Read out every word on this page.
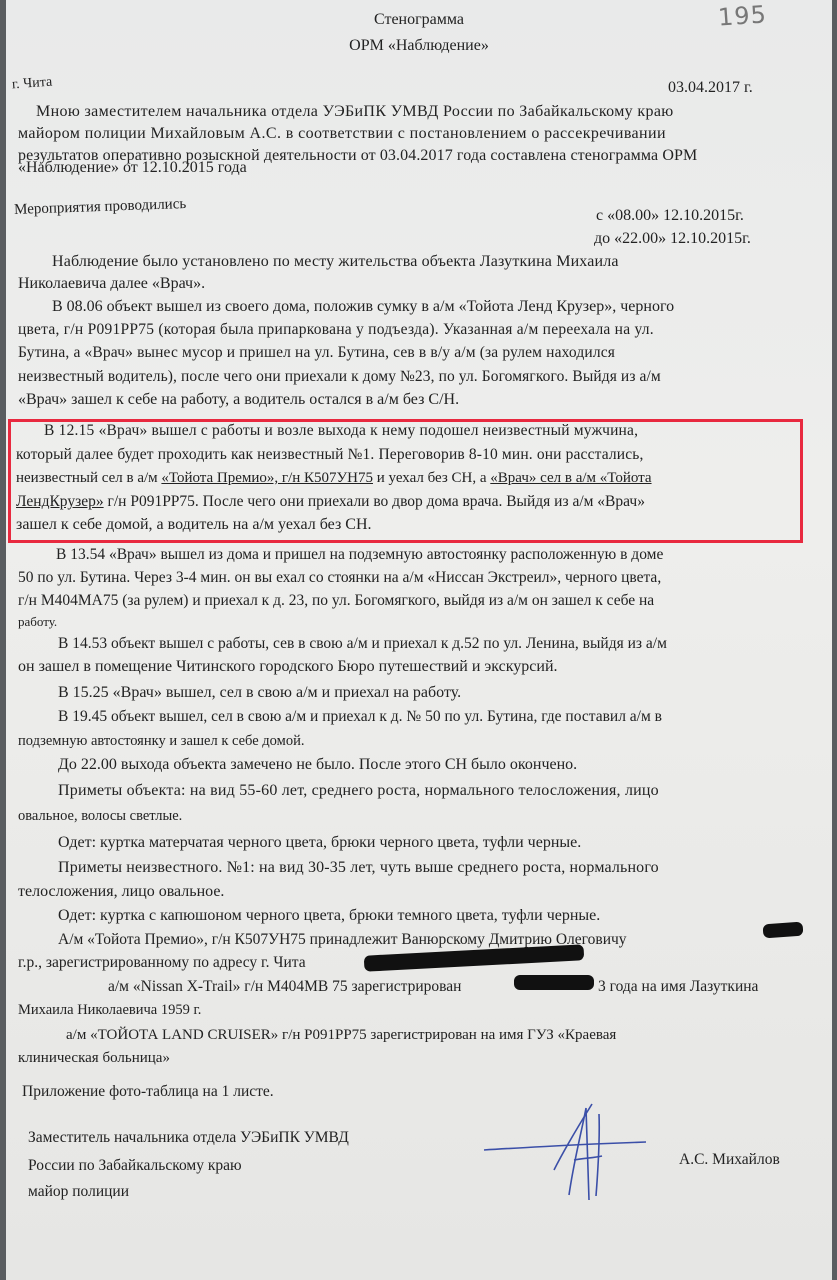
195
Стенограмма
ОРМ «Наблюдение»
г. Чита	03.04.2017 г.
Мною заместителем начальника отдела УЭБиПК УМВД России по Забайкальскому краю
майором полиции Михайловым А.С. в соответствии с постановлением о рассекречивании
результатов оперативно розыскной деятельности от 03.04.2017 года составлена стенограмма ОРМ
«Наблюдение» от 12.10.2015 года
Мероприятия проводились	с «08.00» 12.10.2015г.
до «22.00» 12.10.2015г.
Наблюдение было установлено по месту жительства объекта Лазуткина Михаила
Николаевича далее «Врач».
В 08.06 объект вышел из своего дома, положив сумку в а/м «Тойота Ленд Крузер», черного
цвета, г/н Р091РР75 (которая была припаркована у подъезда). Указанная а/м переехала на ул.
Бутина, а «Врач» вынес мусор и пришел на ул. Бутина, сев в в/у а/м (за рулем находился
неизвестный водитель), после чего они приехали к дому №23, по ул. Богомягкого. Выйдя из а/м
«Врач» зашел к себе на работу, а водитель остался в а/м без С/Н.
В 12.15 «Врач» вышел с работы и возле выхода к нему подошел неизвестный мужчина,
который далее будет проходить как неизвестный №1. Переговорив 8-10 мин. они расстались,
неизвестный сел в а/м «Тойота Премио», г/н К507УН75 и уехал без СН, а «Врач» сел в а/м «Тойота
ЛендКрузер» г/н Р091РР75. После чего они приехали во двор дома врача. Выйдя из а/м «Врач»
зашел к себе домой, а водитель на а/м уехал без СН.
В 13.54 «Врач» вышел из дома и пришел на подземную автостоянку расположенную в доме
50 по ул. Бутина. Через 3-4 мин. он вы ехал со стоянки на а/м «Ниссан Экстреил», черного цвета,
г/н М404МА75 (за рулем) и приехал к д. 23, по ул. Богомягкого, выйдя из а/м он зашел к себе на
работу.
В 14.53 объект вышел с работы, сев в свою а/м и приехал к д.52 по ул. Ленина, выйдя из а/м
он зашел в помещение Читинского городского Бюро путешествий и экскурсий.
В 15.25 «Врач» вышел, сел в свою а/м и приехал на работу.
В 19.45 объект вышел, сел в свою а/м и приехал к д. № 50 по ул. Бутина, где поставил а/м в
подземную автостоянку и зашел к себе домой.
До 22.00 выхода объекта замечено не было. После этого СН было окончено.
Приметы объекта: на вид 55-60 лет, среднего роста, нормального телосложения, лицо
овальное, волосы светлые.
Одет: куртка матерчатая черного цвета, брюки черного цвета, туфли черные.
Приметы неизвестного. №1: на вид 30-35 лет, чуть выше среднего роста, нормального
телосложения, лицо овальное.
Одет: куртка с капюшоном черного цвета, брюки темного цвета, туфли черные.
А/м «Тойота Премио», г/н К507УН75 принадлежит Ванюрскому Дмитрию Олеговичу
г.р., зарегистрированному по адресу г. Чита
а/м «Nissan X-Trail» г/н М404МВ 75 зарегистрирован	3 года на имя Лазуткина
Михаила Николаевича 1959 г.
а/м «ТОЙОТА LAND CRUISER» г/н Р091РР75 зарегистрирован на имя ГУЗ «Краевая
клиническая больница»
Приложение фото-таблица на 1 листе.
Заместитель начальника отдела УЭБиПК УМВД
России по Забайкальскому краю
майор полиции
А.С. Михайлов
